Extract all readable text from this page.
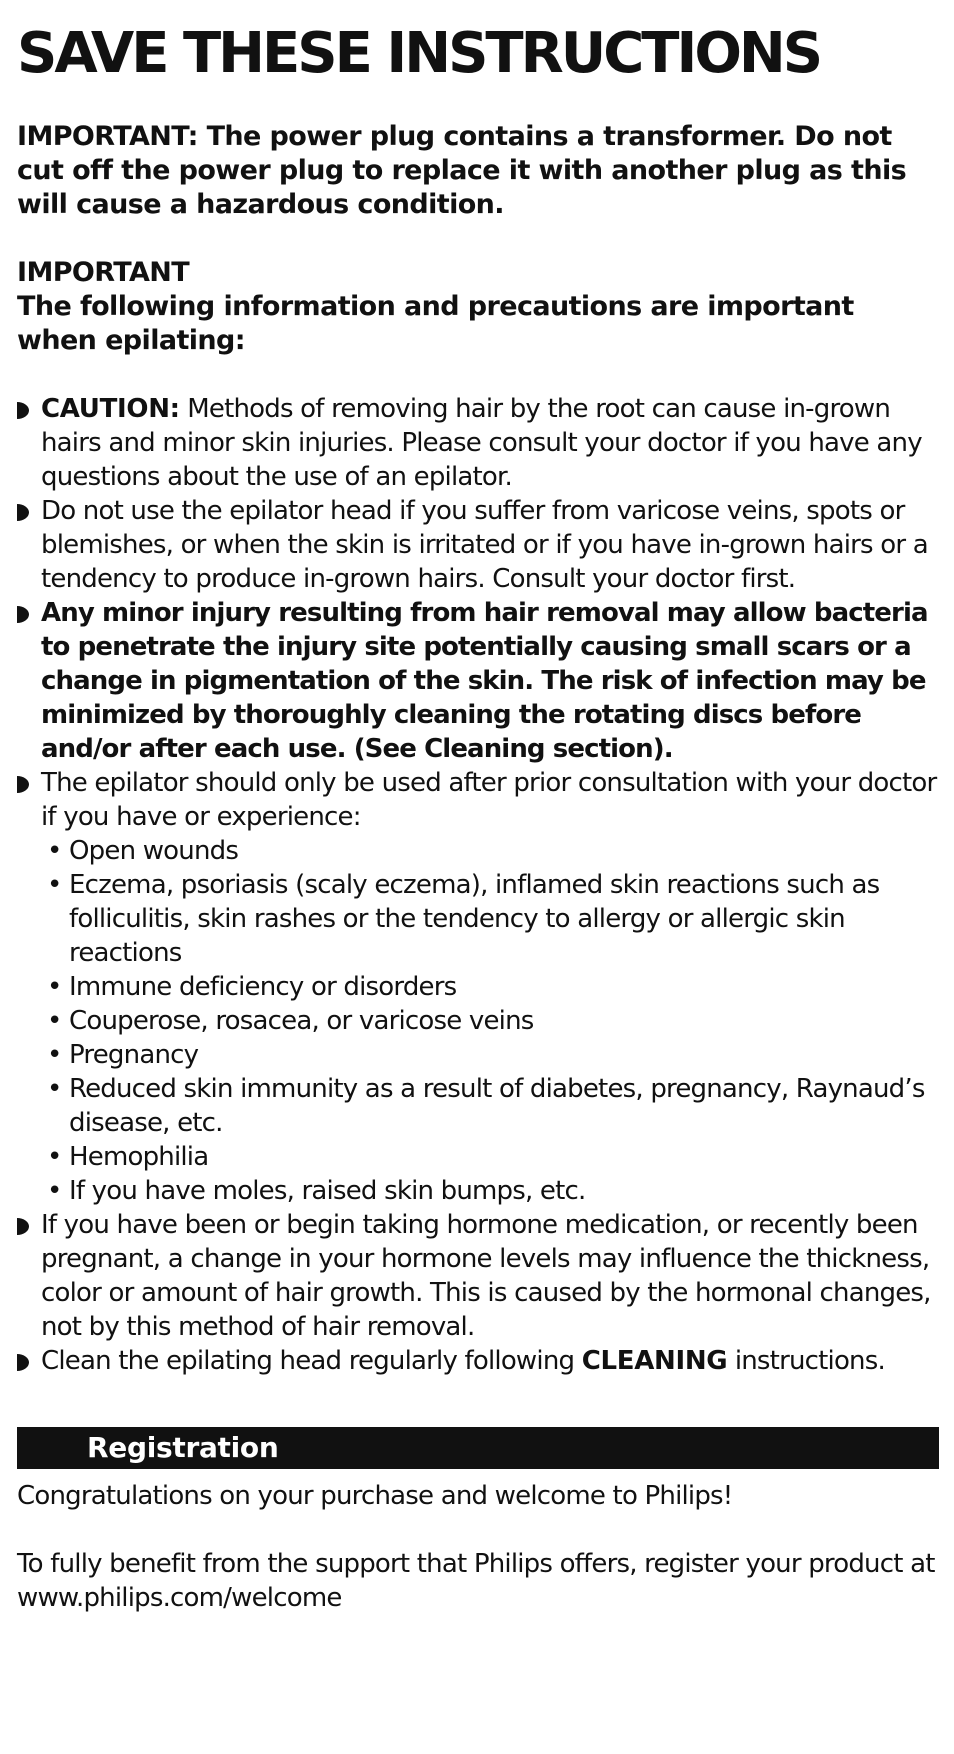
SAVE THESE INSTRUCTIONS

IMPORTANT: The power plug contains a transformer. Do not cut off the power plug to replace it with another plug as this will cause a hazardous condition.

IMPORTANT
The following information and precautions are important when epilating:
CAUTION: Methods of removing hair by the root can cause in-grown hairs and minor skin injuries. Please consult your doctor if you have any questions about the use of an epilator.
Do not use the epilator head if you suffer from varicose veins, spots or blemishes, or when the skin is irritated or if you have in-grown hairs or a tendency to produce in-grown hairs. Consult your doctor first.
Any minor injury resulting from hair removal may allow bacteria to penetrate the injury site potentially causing small scars or a change in pigmentation of the skin. The risk of infection may be minimized by thoroughly cleaning the rotating discs before and/or after each use. (See Cleaning section).
The epilator should only be used after prior consultation with your doctor if you have or experience:
• Open wounds
• Eczema, psoriasis (scaly eczema), inflamed skin reactions such as folliculitis, skin rashes or the tendency to allergy or allergic skin reactions
• Immune deficiency or disorders
• Couperose, rosacea, or varicose veins
• Pregnancy
• Reduced skin immunity as a result of diabetes, pregnancy, Raynaud’s disease, etc.
• Hemophilia
• If you have moles, raised skin bumps, etc.
If you have been or begin taking hormone medication, or recently been pregnant, a change in your hormone levels may influence the thickness, color or amount of hair growth. This is caused by the hormonal changes, not by this method of hair removal.
Clean the epilating head regularly following CLEANING instructions.
Registration

Congratulations on your purchase and welcome to Philips!

To fully benefit from the support that Philips offers, register your product at www.philips.com/welcome
